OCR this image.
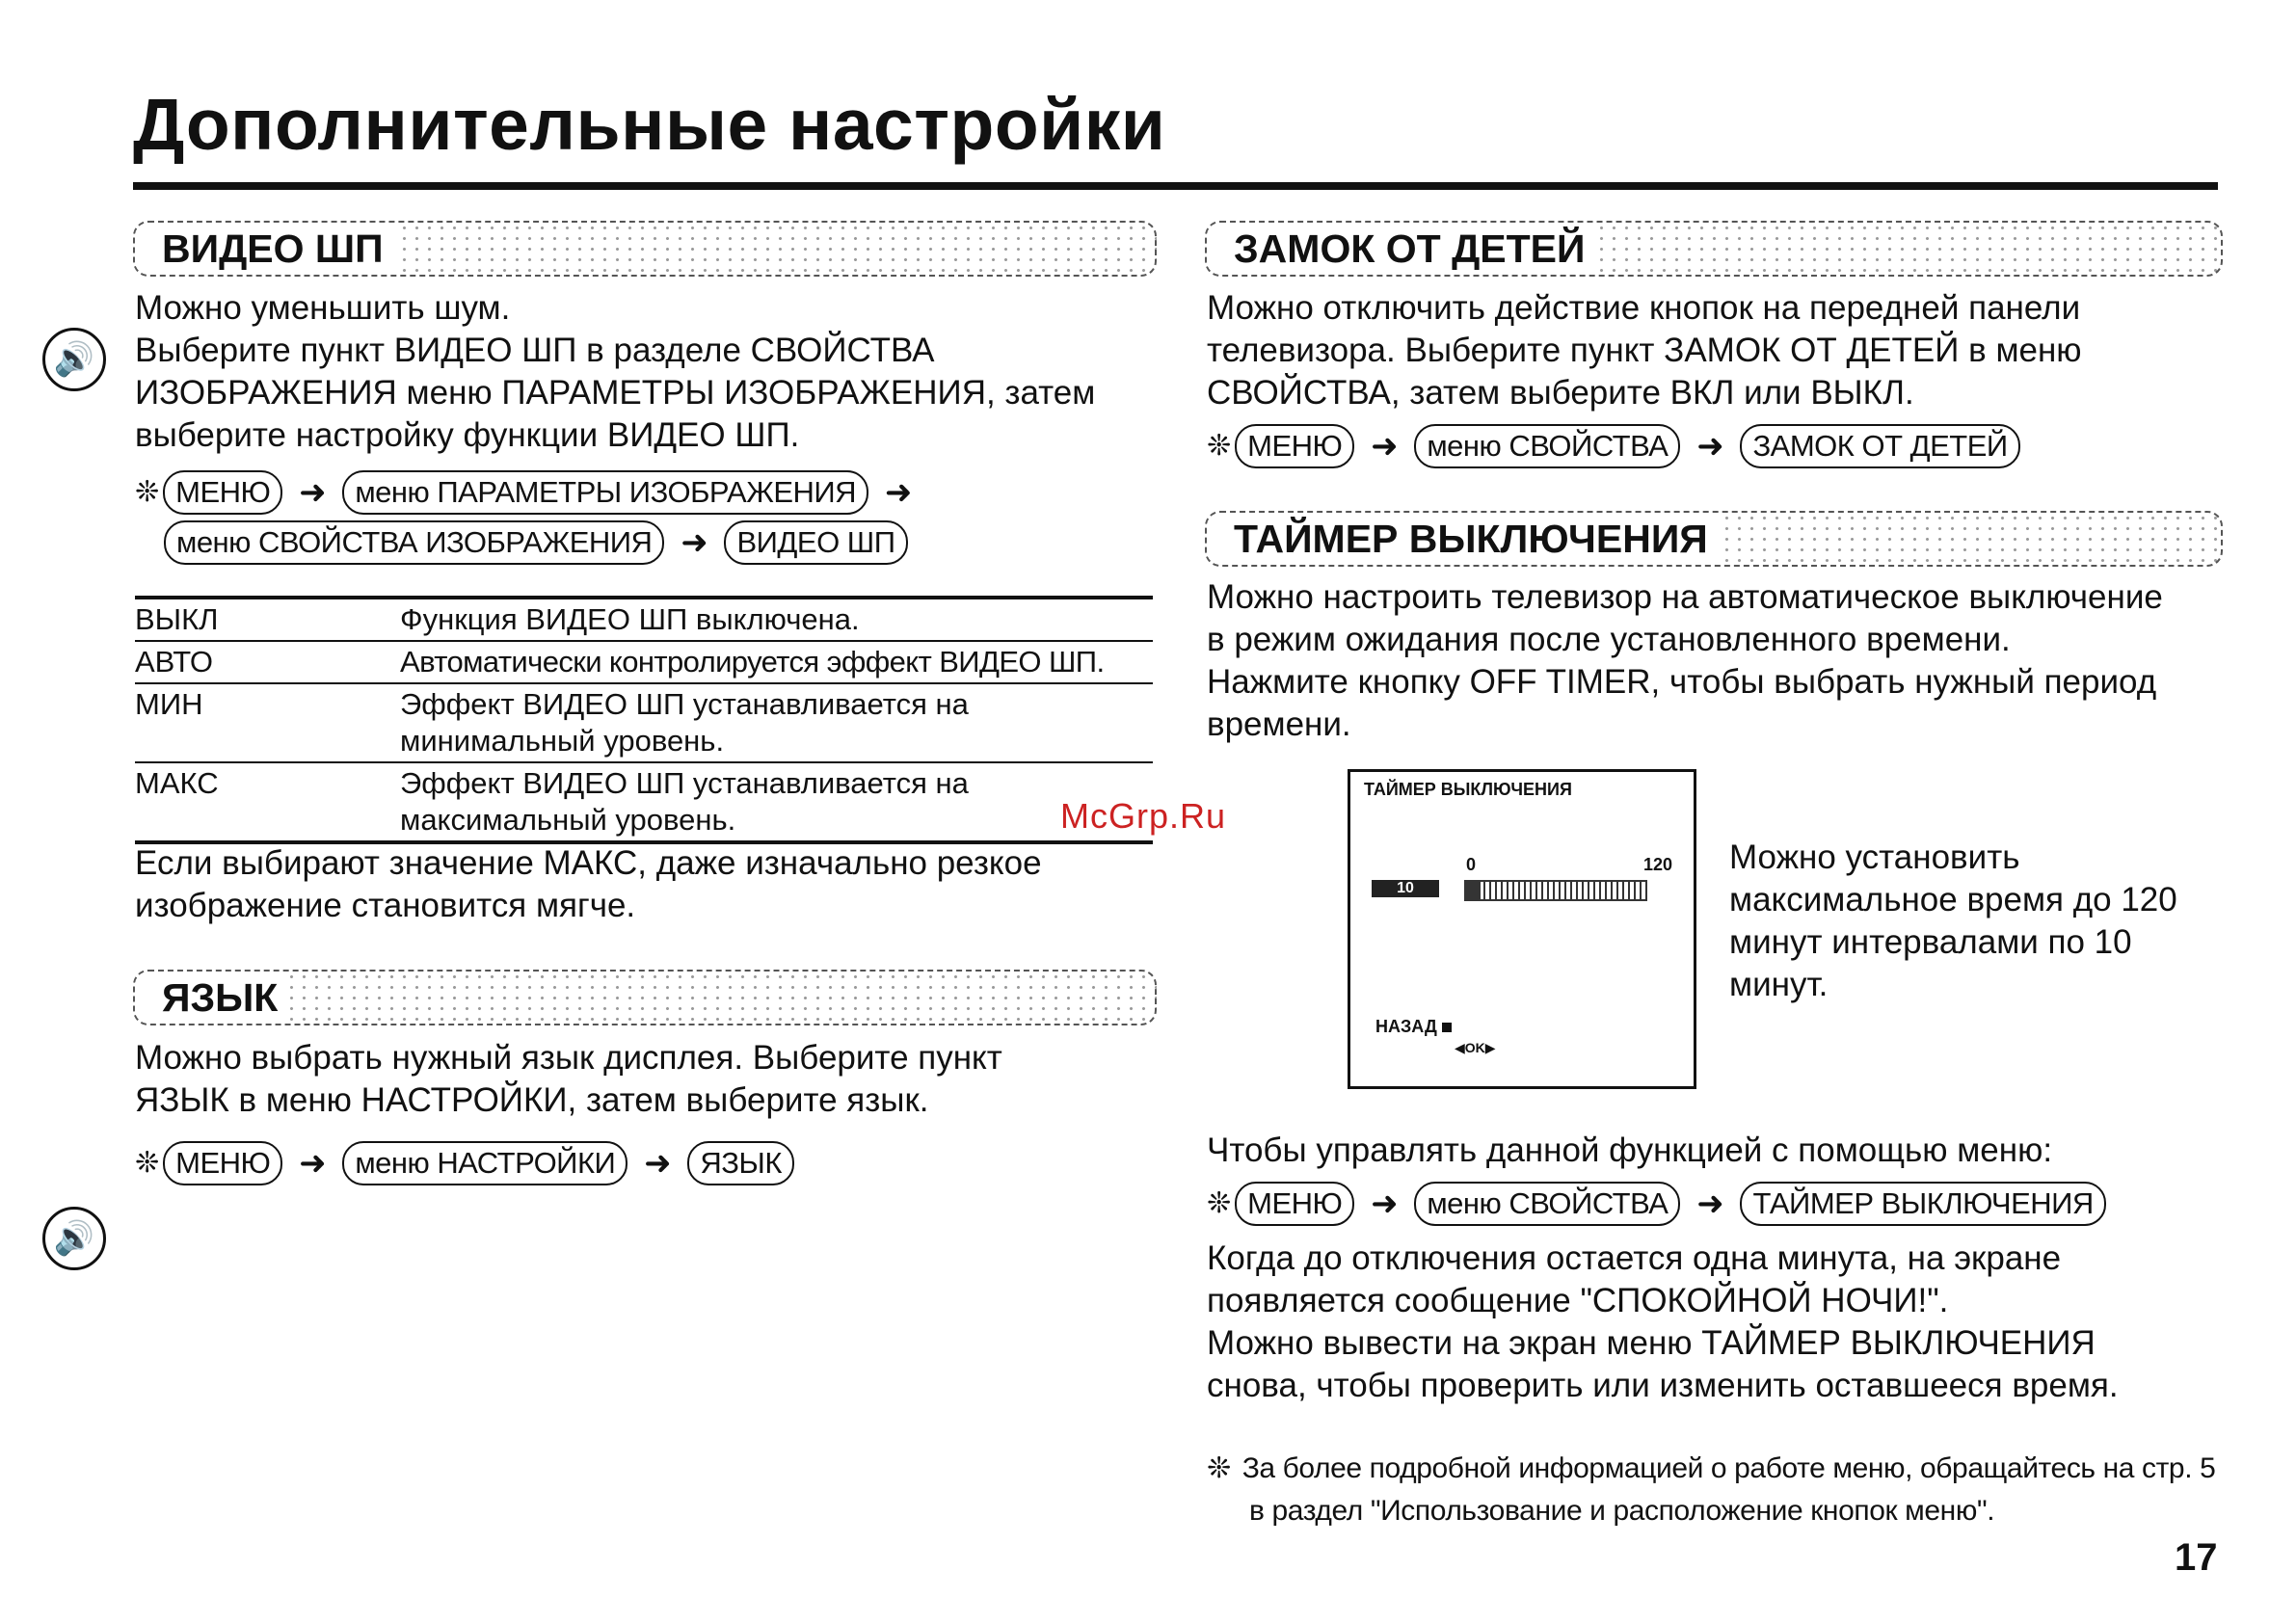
Дополнительные настройки
🔊
🔊
ВИДЕО ШП
Можно уменьшить шум.
Выберите пункт ВИДЕО ШП в разделе СВОЙСТВА
ИЗОБРАЖЕНИЯ меню ПАРАМЕТРЫ ИЗОБРАЖЕНИЯ, затем
выберите настройку функции ВИДЕО ШП.
❊ МЕНЮ ➜ меню ПАРАМЕТРЫ ИЗОБРАЖЕНИЯ ➜
меню СВОЙСТВА ИЗОБРАЖЕНИЯ ➜ ВИДЕО ШП
ВЫКЛ	Функция ВИДЕО ШП выключена.
АВТО	Автоматически контролируется эффект ВИДЕО ШП.
МИН	Эффект ВИДЕО ШП устанавливается на
минимальный уровень.

МАКС	Эффект ВИДЕО ШП устанавливается на
максимальный уровень.
Если выбирают значение МАКС, даже изначально резкое
изображение становится мягче.
ЯЗЫК
Можно выбрать нужный язык дисплея. Выберите пункт
ЯЗЫК в меню НАСТРОЙКИ, затем выберите язык.
❊ МЕНЮ ➜ меню НАСТРОЙКИ ➜ ЯЗЫК
ЗАМОК ОТ ДЕТЕЙ
Можно отключить действие кнопок на передней панели
телевизора. Выберите пункт ЗАМОК ОТ ДЕТЕЙ в меню
СВОЙСТВА, затем выберите ВКЛ или ВЫКЛ.
❊ МЕНЮ ➜ меню СВОЙСТВА ➜ ЗАМОК ОТ ДЕТЕЙ
ТАЙМЕР ВЫКЛЮЧЕНИЯ
Можно настроить телевизор на автоматическое выключение
в режим ожидания после установленного времени.
Нажмите кнопку OFF TIMER, чтобы выбрать нужный период
времени.
ТАЙМЕР ВЫКЛЮЧЕНИЯ
0	120
10
НАЗАД
◀OK▶
Можно установить
максимальное время до 120
минут интервалами по 10
минут.
Чтобы управлять данной функцией с помощью меню:
❊ МЕНЮ ➜ меню СВОЙСТВА ➜ ТАЙМЕР ВЫКЛЮЧЕНИЯ
Когда до отключения остается одна минута, на экране
появляется сообщение "СПОКОЙНОЙ НОЧИ!".
Можно вывести на экран меню ТАЙМЕР ВЫКЛЮЧЕНИЯ
снова, чтобы проверить или изменить оставшееся время.
❊ За более подробной информацией о работе меню, обращайтесь на стр. 5
в раздел "Использование и расположение кнопок меню".
McGrp.Ru
17
